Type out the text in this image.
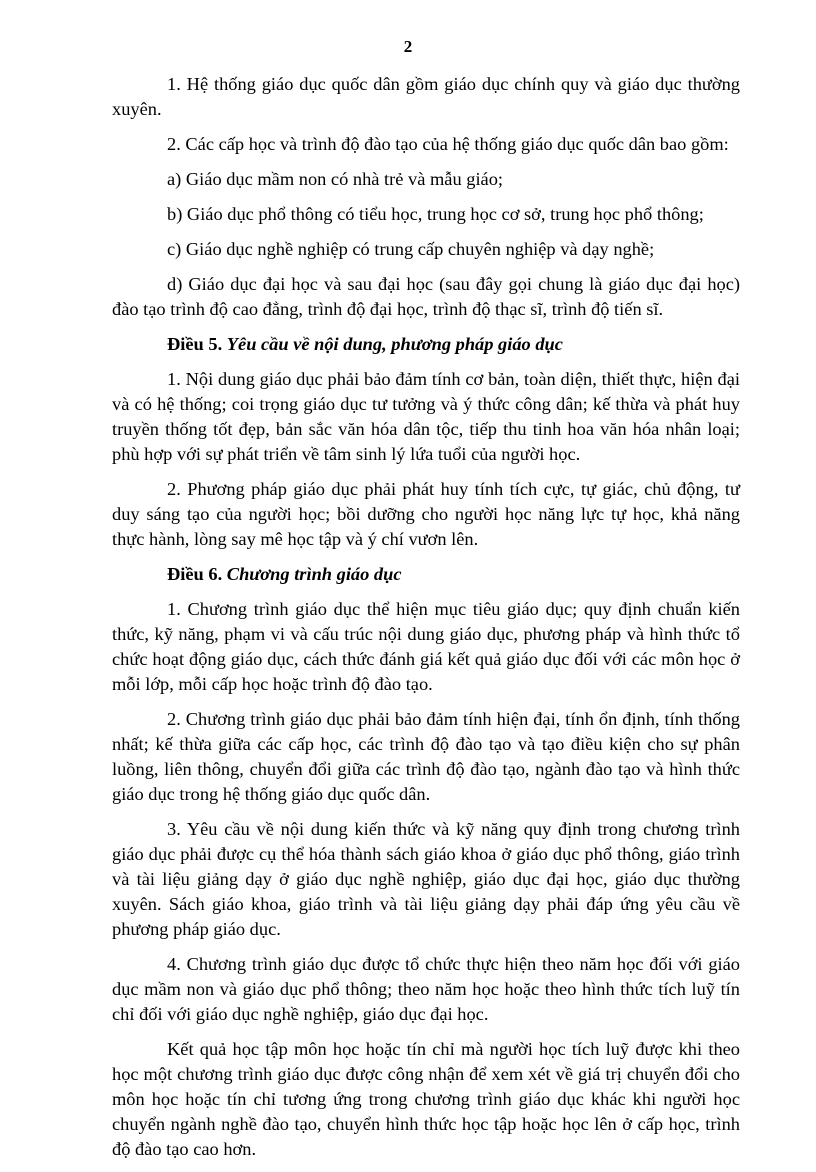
2

1. Hệ thống giáo dục quốc dân gồm giáo dục chính quy và giáo dục thường xuyên.

2. Các cấp học và trình độ đào tạo của hệ thống giáo dục quốc dân bao gồm:

a) Giáo dục mầm non có nhà trẻ và mẫu giáo;

b) Giáo dục phổ thông có tiểu học, trung học cơ sở, trung học phổ thông;

c) Giáo dục nghề nghiệp có trung cấp chuyên nghiệp và dạy nghề;

d) Giáo dục đại học và sau đại học (sau đây gọi chung là giáo dục đại học) đào tạo trình độ cao đẳng, trình độ đại học, trình độ thạc sĩ, trình độ tiến sĩ.

Điều 5. Yêu cầu về nội dung, phương pháp giáo dục

1. Nội dung giáo dục phải bảo đảm tính cơ bản, toàn diện, thiết thực, hiện đại và có hệ thống; coi trọng giáo dục tư tưởng và ý thức công dân; kế thừa và phát huy truyền thống tốt đẹp, bản sắc văn hóa dân tộc, tiếp thu tinh hoa văn hóa nhân loại; phù hợp với sự phát triển về tâm sinh lý lứa tuổi của người học.

2. Phương pháp giáo dục phải phát huy tính tích cực, tự giác, chủ động, tư duy sáng tạo của người học; bồi dưỡng cho người học năng lực tự học, khả năng thực hành, lòng say mê học tập và ý chí vươn lên.

Điều 6. Chương trình giáo dục

1. Chương trình giáo dục thể hiện mục tiêu giáo dục; quy định chuẩn kiến thức, kỹ năng, phạm vi và cấu trúc nội dung giáo dục, phương pháp và hình thức tổ chức hoạt động giáo dục, cách thức đánh giá kết quả giáo dục đối với các môn học ở mỗi lớp, mỗi cấp học hoặc trình độ đào tạo.

2. Chương trình giáo dục phải bảo đảm tính hiện đại, tính ổn định, tính thống nhất; kế thừa giữa các cấp học, các trình độ đào tạo và tạo điều kiện cho sự phân luồng, liên thông, chuyển đổi giữa các trình độ đào tạo, ngành đào tạo và hình thức giáo dục trong hệ thống giáo dục quốc dân.

3. Yêu cầu về nội dung kiến thức và kỹ năng quy định trong chương trình giáo dục phải được cụ thể hóa thành sách giáo khoa ở giáo dục phổ thông, giáo trình và tài liệu giảng dạy ở giáo dục nghề nghiệp, giáo dục đại học, giáo dục thường xuyên. Sách giáo khoa, giáo trình và tài liệu giảng dạy phải đáp ứng yêu cầu về phương pháp giáo dục.

4. Chương trình giáo dục được tổ chức thực hiện theo năm học đối với giáo dục mầm non và giáo dục phổ thông; theo năm học hoặc theo hình thức tích luỹ tín chỉ đối với giáo dục nghề nghiệp, giáo dục đại học.

Kết quả học tập môn học hoặc tín chỉ mà người học tích luỹ được khi theo học một chương trình giáo dục được công nhận để xem xét về giá trị chuyển đổi cho môn học hoặc tín chỉ tương ứng trong chương trình giáo dục khác khi người học chuyển ngành nghề đào tạo, chuyển hình thức học tập hoặc học lên ở cấp học, trình độ đào tạo cao hơn.
